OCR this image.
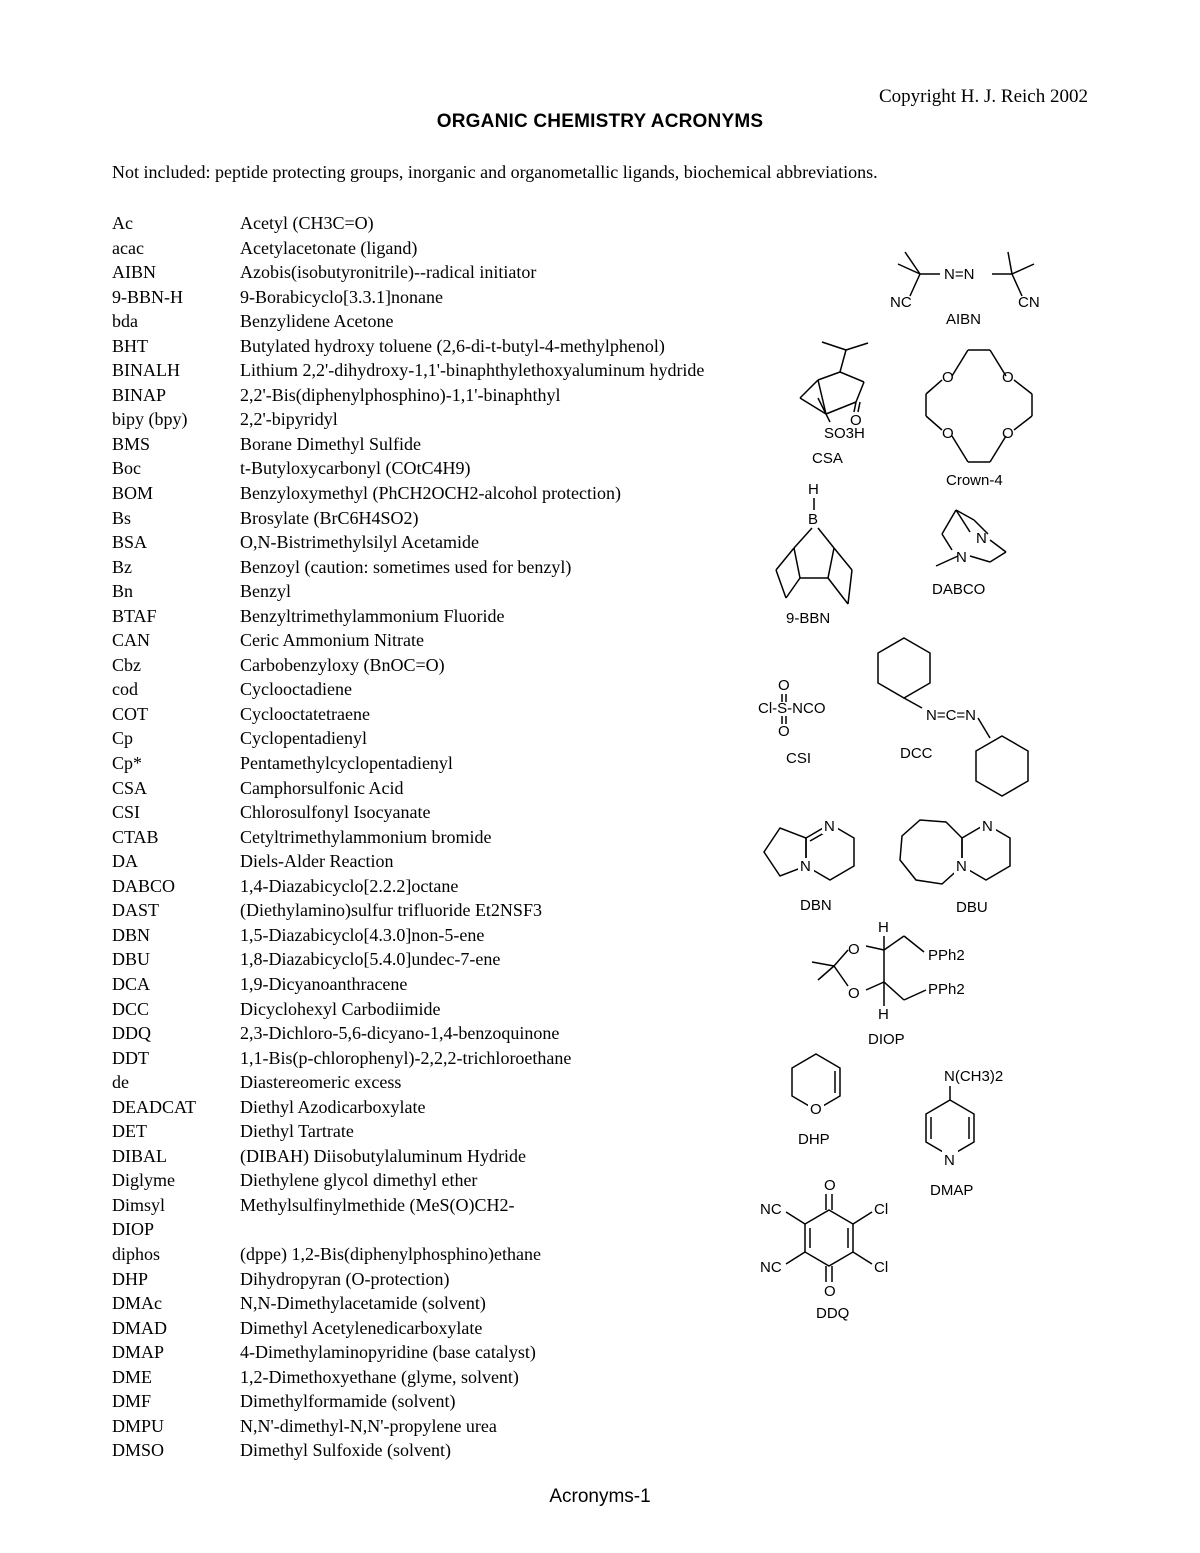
Copyright H. J. Reich 2002
ORGANIC CHEMISTRY ACRONYMS
Not included: peptide protecting groups, inorganic and organometallic ligands, biochemical abbreviations.
Ac	Acetyl (CH3C=O)
acac	Acetylacetonate (ligand)
AIBN	Azobis(isobutyronitrile)--radical initiator
9-BBN-H	9-Borabicyclo[3.3.1]nonane
bda	Benzylidene Acetone
BHT	Butylated hydroxy toluene (2,6-di-t-butyl-4-methylphenol)
BINALH	Lithium 2,2'-dihydroxy-1,1'-binaphthylethoxyaluminum hydride
BINAP	2,2'-Bis(diphenylphosphino)-1,1'-binaphthyl
bipy (bpy)	2,2'-bipyridyl
BMS	Borane Dimethyl Sulfide
Boc	t-Butyloxycarbonyl (COtC4H9)
BOM	Benzyloxymethyl (PhCH2OCH2-alcohol protection)
Bs	Brosylate (BrC6H4SO2)
BSA	O,N-Bistrimethylsilyl Acetamide
Bz	Benzoyl (caution: sometimes used for benzyl)
Bn	Benzyl
BTAF	Benzyltrimethylammonium Fluoride
CAN	Ceric Ammonium Nitrate
Cbz	Carbobenzyloxy (BnOC=O)
cod	Cyclooctadiene
COT	Cyclooctatetraene
Cp	Cyclopentadienyl
Cp*	Pentamethylcyclopentadienyl
CSA	Camphorsulfonic Acid
CSI	Chlorosulfonyl Isocyanate
CTAB	Cetyltrimethylammonium bromide
DA	Diels-Alder Reaction
DABCO	1,4-Diazabicyclo[2.2.2]octane
DAST	(Diethylamino)sulfur trifluoride Et2NSF3
DBN	1,5-Diazabicyclo[4.3.0]non-5-ene
DBU	1,8-Diazabicyclo[5.4.0]undec-7-ene
DCA	1,9-Dicyanoanthracene
DCC	Dicyclohexyl Carbodiimide
DDQ	2,3-Dichloro-5,6-dicyano-1,4-benzoquinone
DDT	1,1-Bis(p-chlorophenyl)-2,2,2-trichloroethane
de	Diastereomeric excess
DEADCAT Diethyl Azodicarboxylate
DET	Diethyl Tartrate
DIBAL	(DIBAH) Diisobutylaluminum Hydride
Diglyme	Diethylene glycol dimethyl ether
Dimsyl	Methylsulfinylmethide (MeS(O)CH2-
DIOP
diphos	(dppe) 1,2-Bis(diphenylphosphino)ethane
DHP	Dihydropyran (O-protection)
DMAc	N,N-Dimethylacetamide (solvent)
DMAD	Dimethyl Acetylenedicarboxylate
DMAP	4-Dimethylaminopyridine (base catalyst)
DME	1,2-Dimethoxyethane (glyme, solvent)
DMF	Dimethylformamide (solvent)
DMPU	N,N'-dimethyl-N,N'-propylene urea
DMSO	Dimethyl Sulfoxide (solvent)
N=N
NC	CN
AIBN
O
SO3H
CSA
O	O
O	O
Crown-4
H
B
9-BBN
N
N
DABCO
O
Cl-S-NCO
O
CSI
N=C=N
DCC
N
N
DBN
N
N
DBU
H
O
O
PPh2
PPh2
H
DIOP
O
DHP
N(CH3)2
N
DMAP
O
O
NC
NC
Cl
Cl
DDQ
Acronyms-1
